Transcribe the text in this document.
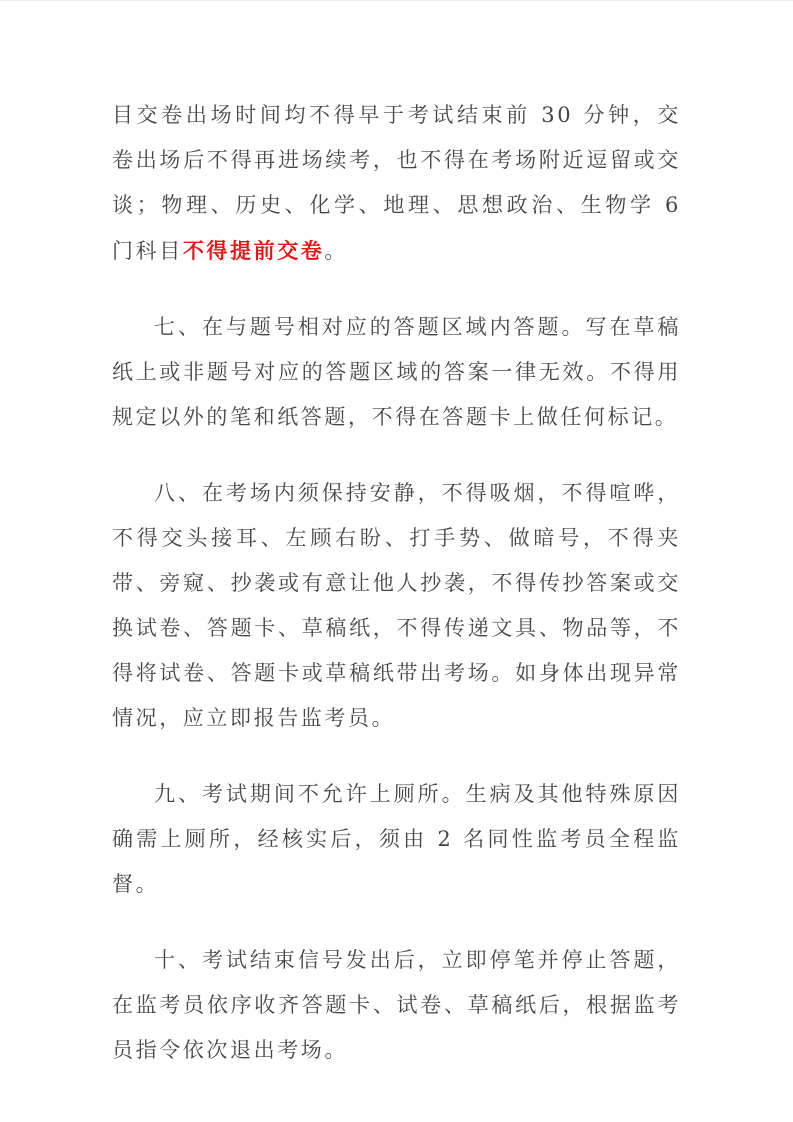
目交卷出场时间均不得早于考试结束前 30 分钟，交卷出场后不得再进场续考，也不得在考场附近逗留或交谈；物理、历史、化学、地理、思想政治、生物学 6 门科目不得提前交卷。

七、在与题号相对应的答题区域内答题。写在草稿纸上或非题号对应的答题区域的答案一律无效。不得用规定以外的笔和纸答题，不得在答题卡上做任何标记。

八、在考场内须保持安静，不得吸烟，不得喧哗，不得交头接耳、左顾右盼、打手势、做暗号，不得夹带、旁窥、抄袭或有意让他人抄袭，不得传抄答案或交换试卷、答题卡、草稿纸，不得传递文具、物品等，不得将试卷、答题卡或草稿纸带出考场。如身体出现异常情况，应立即报告监考员。

九、考试期间不允许上厕所。生病及其他特殊原因确需上厕所，经核实后，须由 2 名同性监考员全程监督。

十、考试结束信号发出后，立即停笔并停止答题，在监考员依序收齐答题卡、试卷、草稿纸后，根据监考员指令依次退出考场。
